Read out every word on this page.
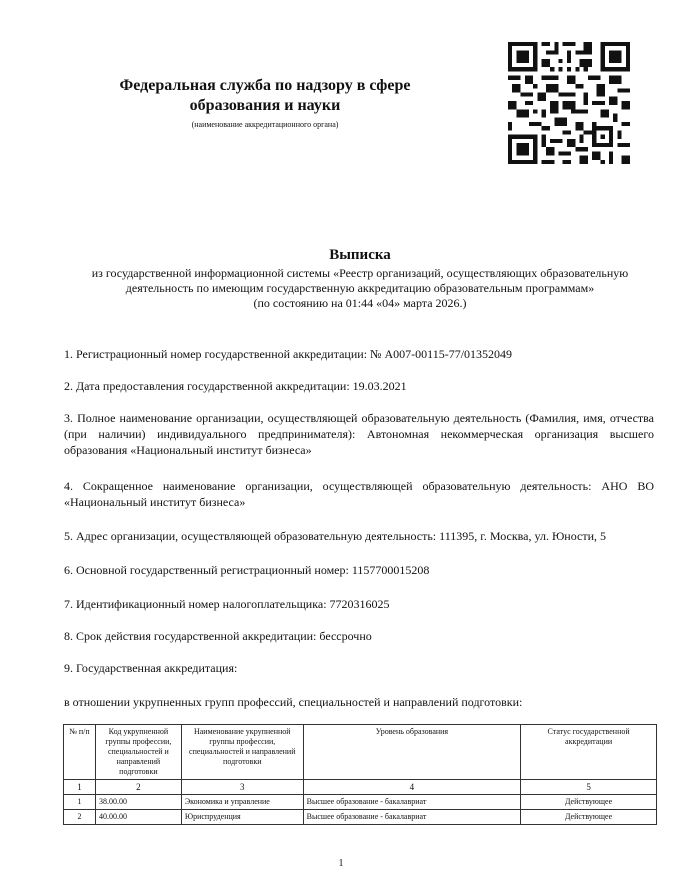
Федеральная служба по надзору в сфере образования и науки
(наименование аккредитационного органа)
Выписка
из государственной информационной системы «Реестр организаций, осуществляющих образовательную
деятельность по имеющим государственную аккредитацию образовательным программам»
(по состоянию на 01:44 «04» марта 2026.)
1. Регистрационный номер государственной аккредитации: № А007-00115-77/01352049
2. Дата предоставления государственной аккредитации: 19.03.2021
3. Полное наименование организации, осуществляющей образовательную деятельность (Фамилия, имя, отчества (при наличии) индивидуального предпринимателя): Автономная некоммерческая организация высшего образования «Национальный институт бизнеса»
4. Сокращенное наименование организации, осуществляющей образовательную деятельность: АНО ВО «Национальный институт бизнеса»
5. Адрес организации, осуществляющей образовательную деятельность: 111395, г. Москва, ул. Юности, 5
6. Основной государственный регистрационный номер: 1157700015208
7. Идентификационный номер налогоплательщика: 7720316025
8. Срок действия государственной аккредитации: бессрочно
9. Государственная аккредитация:
в отношении укрупненных групп профессий, специальностей и направлений подготовки:
№ п/п	Код укрупненной группы профессии, специальностей и направлений подготовки	Наименование укрупненной группы профессии, специальностей и направлений подготовки	Уровень образования	Статус государственной аккредитации
1	2	3	4	5
1	38.00.00	Экономика и управление	Высшее образование - бакалавриат	Действующее
2	40.00.00	Юриспруденция	Высшее образование - бакалавриат	Действующее
1
